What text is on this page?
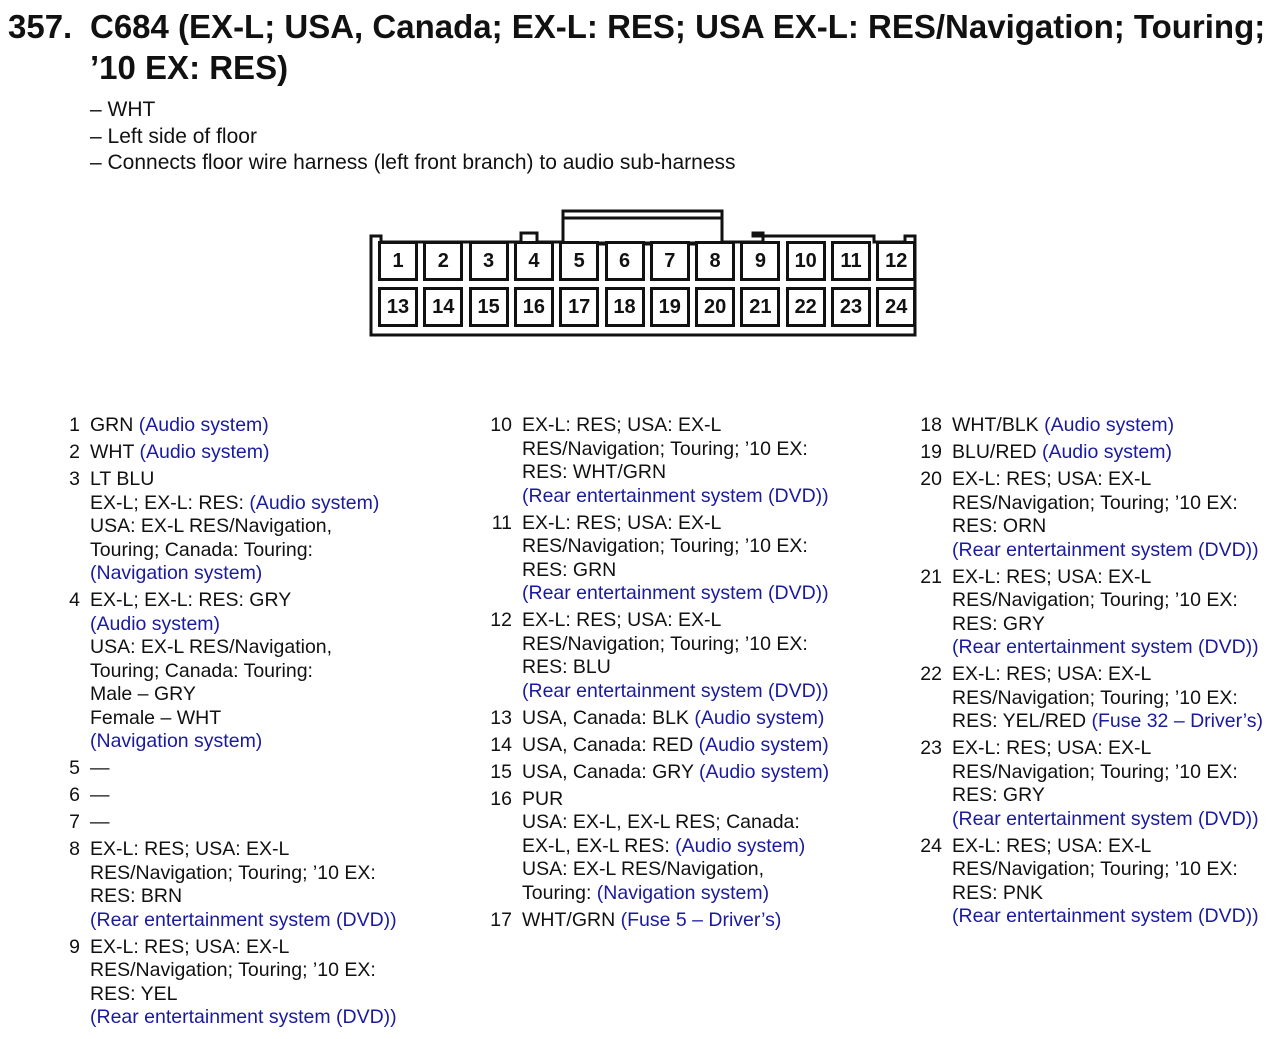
357. C684 (EX-L; USA, Canada; EX-L: RES; USA EX-L: RES/Navigation; Touring; ’10 EX: RES)
– WHT
– Left side of floor
– Connects floor wire harness (left front branch) to audio sub-harness
1	2	3	4	5	6	7	8	9	10	11	12
13	14	15	16	17	18	19	20	21	22	23	24
1 GRN (Audio system)
2 WHT (Audio system)
3 LT BLU
EX-L; EX-L: RES: (Audio system)
USA: EX-L RES/Navigation,
Touring; Canada: Touring:
(Navigation system)
4 EX-L; EX-L: RES: GRY
(Audio system)
USA: EX-L RES/Navigation,
Touring; Canada: Touring:
Male – GRY
Female – WHT
(Navigation system)
5 —
6 —
7 —
8 EX-L: RES; USA: EX-L
RES/Navigation; Touring; ’10 EX:
RES: BRN
(Rear entertainment system (DVD))
9 EX-L: RES; USA: EX-L
RES/Navigation; Touring; ’10 EX:
RES: YEL
(Rear entertainment system (DVD))
10 EX-L: RES; USA: EX-L
RES/Navigation; Touring; ’10 EX:
RES: WHT/GRN
(Rear entertainment system (DVD))
11 EX-L: RES; USA: EX-L
RES/Navigation; Touring; ’10 EX:
RES: GRN
(Rear entertainment system (DVD))
12 EX-L: RES; USA: EX-L
RES/Navigation; Touring; ’10 EX:
RES: BLU
(Rear entertainment system (DVD))
13 USA, Canada: BLK (Audio system)
14 USA, Canada: RED (Audio system)
15 USA, Canada: GRY (Audio system)
16 PUR
USA: EX-L, EX-L RES; Canada:
EX-L, EX-L RES: (Audio system)
USA: EX-L RES/Navigation,
Touring: (Navigation system)
17 WHT/GRN (Fuse 5 – Driver’s)
18 WHT/BLK (Audio system)
19 BLU/RED (Audio system)
20 EX-L: RES; USA: EX-L
RES/Navigation; Touring; ’10 EX:
RES: ORN
(Rear entertainment system (DVD))
21 EX-L: RES; USA: EX-L
RES/Navigation; Touring; ’10 EX:
RES: GRY
(Rear entertainment system (DVD))
22 EX-L: RES; USA: EX-L
RES/Navigation; Touring; ’10 EX:
RES: YEL/RED (Fuse 32 – Driver’s)
23 EX-L: RES; USA: EX-L
RES/Navigation; Touring; ’10 EX:
RES: GRY
(Rear entertainment system (DVD))
24 EX-L: RES; USA: EX-L
RES/Navigation; Touring; ’10 EX:
RES: PNK
(Rear entertainment system (DVD))
